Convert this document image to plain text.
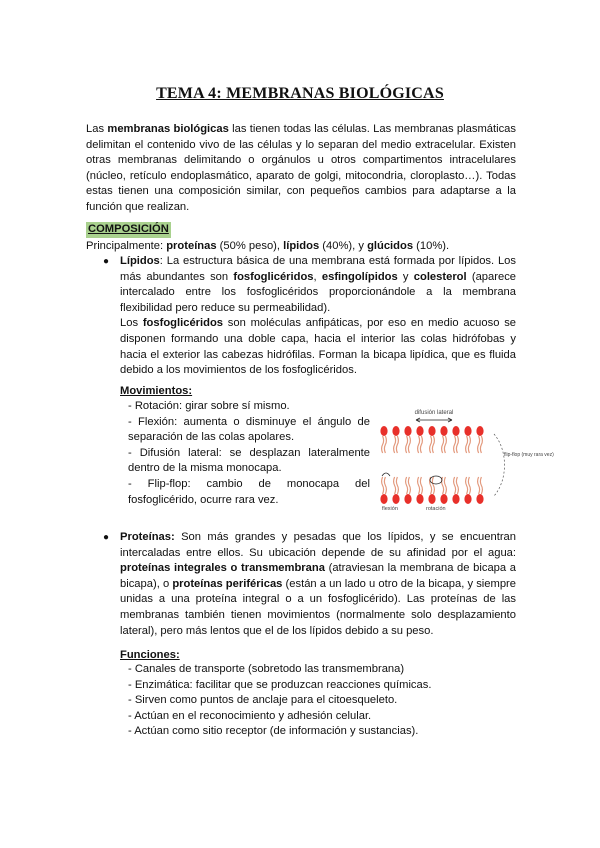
TEMA 4: MEMBRANAS BIOLÓGICAS
Las membranas biológicas las tienen todas las células. Las membranas plasmáticas delimitan el contenido vivo de las células y lo separan del medio extracelular. Existen otras membranas delimitando o orgánulos u otros compartimentos intracelulares (núcleo, retículo endoplasmático, aparato de golgi, mitocondria, cloroplasto…). Todas estas tienen una composición similar, con pequeños cambios para adaptarse a la función que realizan.
COMPOSICIÓN
Principalmente: proteínas (50% peso), lípidos (40%), y glúcidos (10%).
● Lípidos: La estructura básica de una membrana está formada por lípidos. Los más abundantes son fosfoglicéridos, esfingolípidos y colesterol (aparece intercalado entre los fosfoglicéridos proporcionándole a la membrana flexibilidad pero reduce su permeabilidad).
Los fosfoglicéridos son moléculas anfipáticas, por eso en medio acuoso se disponen formando una doble capa, hacia el interior las colas hidrófobas y hacia el exterior las cabezas hidrófilas. Forman la bicapa lipídica, que es fluida debido a los movimientos de los fosfoglicéridos.
Movimientos:
- Rotación: girar sobre sí mismo.
- Flexión: aumenta o disminuye el ángulo de separación de las colas apolares.
- Difusión lateral: se desplazan lateralmente dentro de la misma monocapa.
- Flip-flop: cambio de monocapa del fosfoglicérido, ocurre rara vez.
difusión lateral
flip-flop (muy rara vez)
flexión	rotación
● Proteínas: Son más grandes y pesadas que los lípidos, y se encuentran intercaladas entre ellos. Su ubicación depende de su afinidad por el agua: proteínas integrales o transmembrana (atraviesan la membrana de bicapa a bicapa), o proteínas periféricas (están a un lado u otro de la bicapa, y siempre unidas a una proteína integral o a un fosfoglicérido). Las proteínas de las membranas también tienen movimientos (normalmente solo desplazamiento lateral), pero más lentos que el de los lípidos debido a su peso.
Funciones:
- Canales de transporte (sobretodo las transmembrana)
- Enzimática: facilitar que se produzcan reacciones químicas.
- Sirven como puntos de anclaje para el citoesqueleto.
- Actúan en el reconocimiento y adhesión celular.
- Actúan como sitio receptor (de información y sustancias).
